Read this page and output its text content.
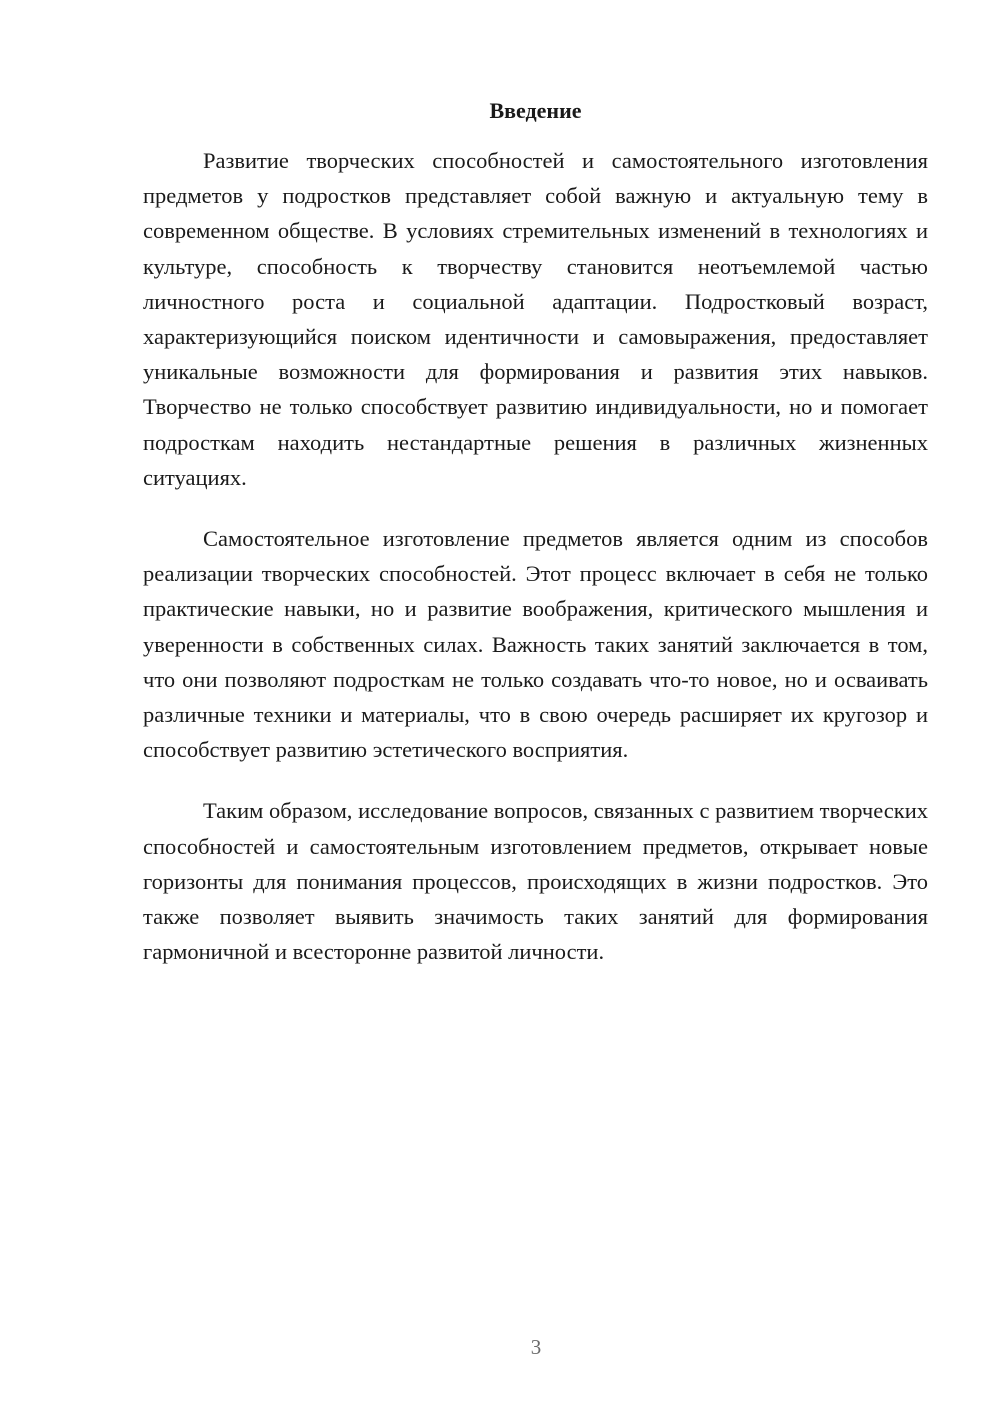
Введение

Развитие творческих способностей и самостоятельного изготовления предметов у подростков представляет собой важную и актуальную тему в современном обществе. В условиях стремительных изменений в технологиях и культуре, способность к творчеству становится неотъемлемой частью личностного роста и социальной адаптации. Подростковый возраст, характеризующийся поиском идентичности и самовыражения, предоставляет уникальные возможности для формирования и развития этих навыков. Творчество не только способствует развитию индивидуальности, но и помогает подросткам находить нестандартные решения в различных жизненных ситуациях.

Самостоятельное изготовление предметов является одним из способов реализации творческих способностей. Этот процесс включает в себя не только практические навыки, но и развитие воображения, критического мышления и уверенности в собственных силах. Важность таких занятий заключается в том, что они позволяют подросткам не только создавать что-то новое, но и осваивать различные техники и материалы, что в свою очередь расширяет их кругозор и способствует развитию эстетического восприятия.

Таким образом, исследование вопросов, связанных с развитием творческих способностей и самостоятельным изготовлением предметов, открывает новые горизонты для понимания процессов, происходящих в жизни подростков. Это также позволяет выявить значимость таких занятий для формирования гармоничной и всесторонне развитой личности.

3
